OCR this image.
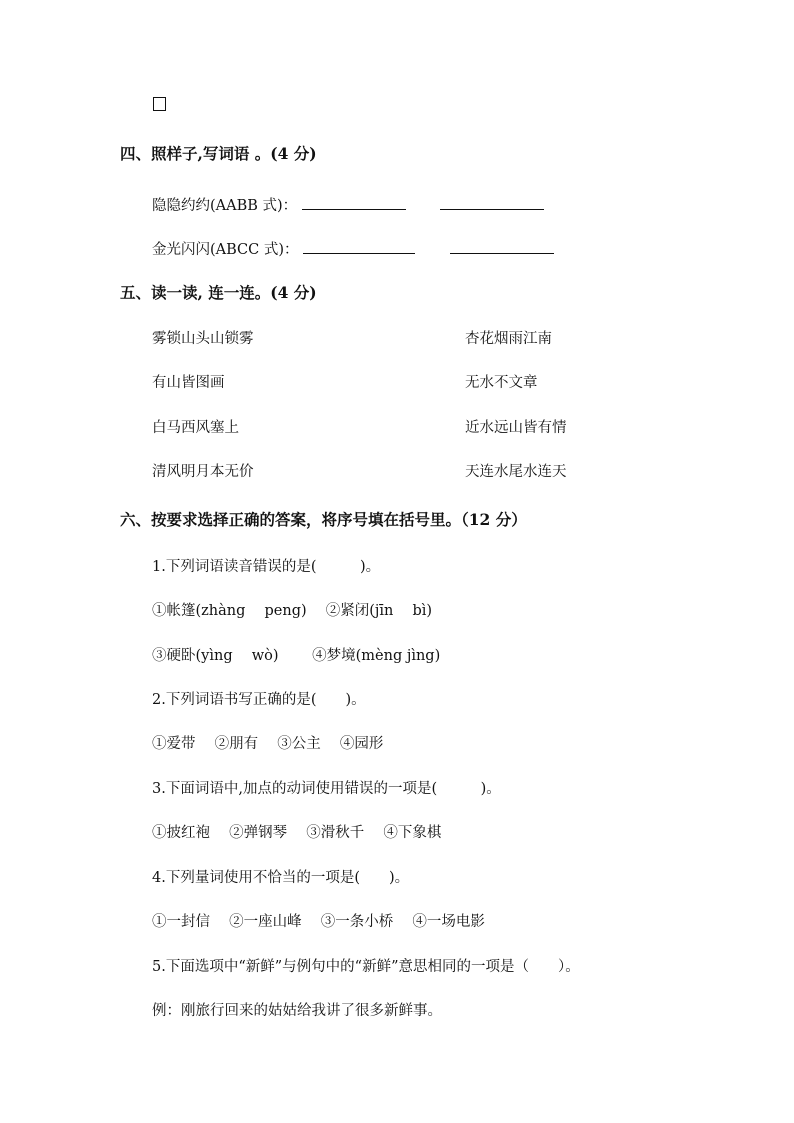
四、照样子,写词语 。(4 分)
隐隐约约(AABB 式)：
金光闪闪(ABCC 式)：
五、读一读, 连一连。(4 分)
雾锁山头山锁雾	杏花烟雨江南
有山皆图画	无水不文章
白马西风塞上	近水远山皆有情
清风明月本无价	天连水尾水连天
六、按要求选择正确的答案，将序号填在括号里。（12 分）
1.下列词语读音错误的是(　　　)。
①帐篷(zhàng　 peng)　 ②紧闭(jīn　 bì)
③硬卧(yìng　 wò)　　 ④梦境(mèng jìng)
2.下列词语书写正确的是(　　)。
①爱带　 ②朋有　 ③公主　 ④园形
3.下面词语中,加点的动词使用错误的一项是(　　　)。
①披红袍　 ②弹钢琴　 ③滑秋千　 ④下象棋
4.下列量词使用不恰当的一项是(　　)。
①一封信　 ②一座山峰　 ③一条小桥　 ④一场电影
5.下面选项中“新鲜”与例句中的“新鲜”意思相同的一项是（　　）。
例：刚旅行回来的姑姑给我讲了很多新鲜事。
